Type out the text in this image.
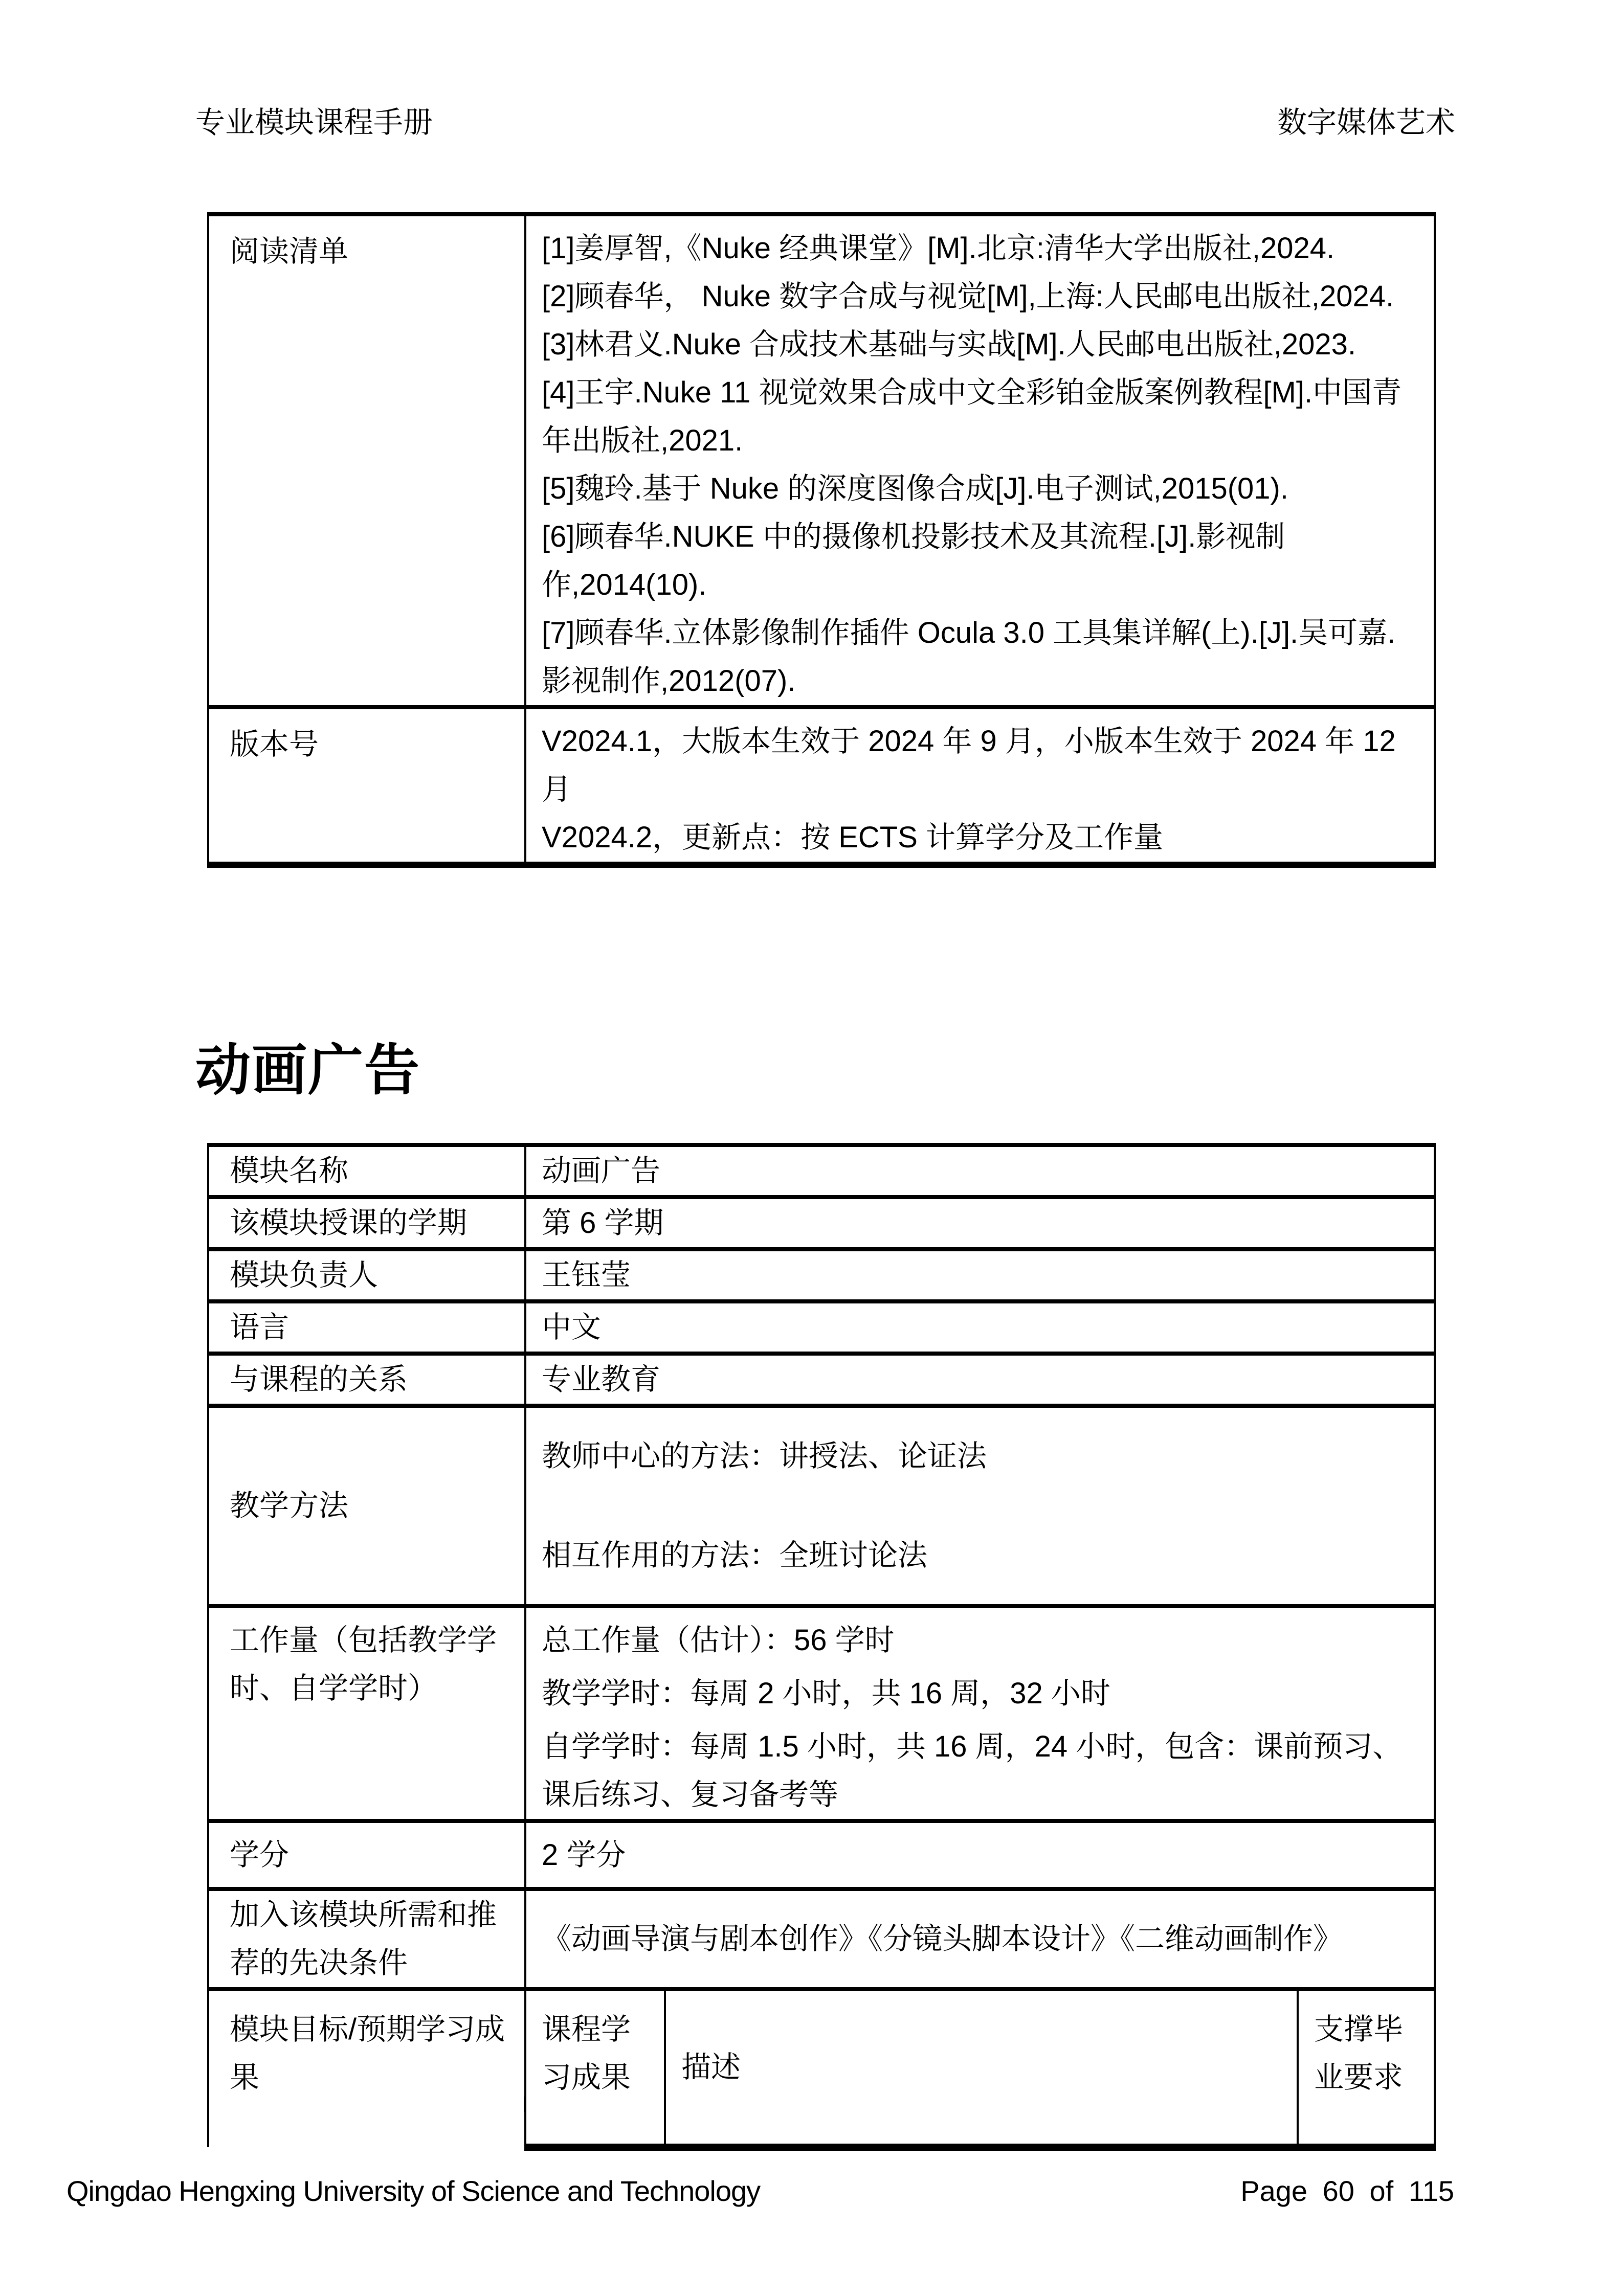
专业模块课程手册	数字媒体艺术
阅读清单	[1]姜厚智,《Nuke 经典课堂》[M].北京:清华大学出版社,2024.

[2]顾春华， Nuke 数字合成与视觉[M],上海:人民邮电出版社,2024.

[3]林君义.Nuke 合成技术基础与实战[M].人民邮电出版社,2023.

[4]王宇.Nuke 11 视觉效果合成中文全彩铂金版案例教程[M].中国青年出版社,2021.

[5]魏玲.基于 Nuke 的深度图像合成[J].电子测试,2015(01).

[6]顾春华.NUKE 中的摄像机投影技术及其流程.[J].影视制作,2014(10).

[7]顾春华.立体影像制作插件 Ocula 3.0 工具集详解(上).[J].吴可嘉.影视制作,2012(07).

版本号	V2024.1，大版本生效于 2024 年 9 月，小版本生效于 2024 年 12 月

V2024.2，更新点：按 ECTS 计算学分及工作量

动画广告
模块名称	动画广告		
该模块授课的学期	第 6 学期		
模块负责人	王钰莹		
语言	中文		
与课程的关系	专业教育		
教学方法	教师中心的方法：讲授法、论证法

相互作用的方法：全班讨论法		

工作量（包括教学学时、自学学时）	总工作量（估计）：56 学时

教学学时：每周 2 小时，共 16 周，32 小时

自学学时：每周 1.5 小时，共 16 周，24 小时，包含：课前预习、课后练习、复习备考等		

学分	2 学分		
加入该模块所需和推荐的先决条件	《动画导演与剧本创作》《分镜头脚本设计》《二维动画制作》		
模块目标/预期学习成果	课程学习成果	描述	支撑毕业要求
Qingdao Hengxing University of Science and Technology	Page 60 of 115
